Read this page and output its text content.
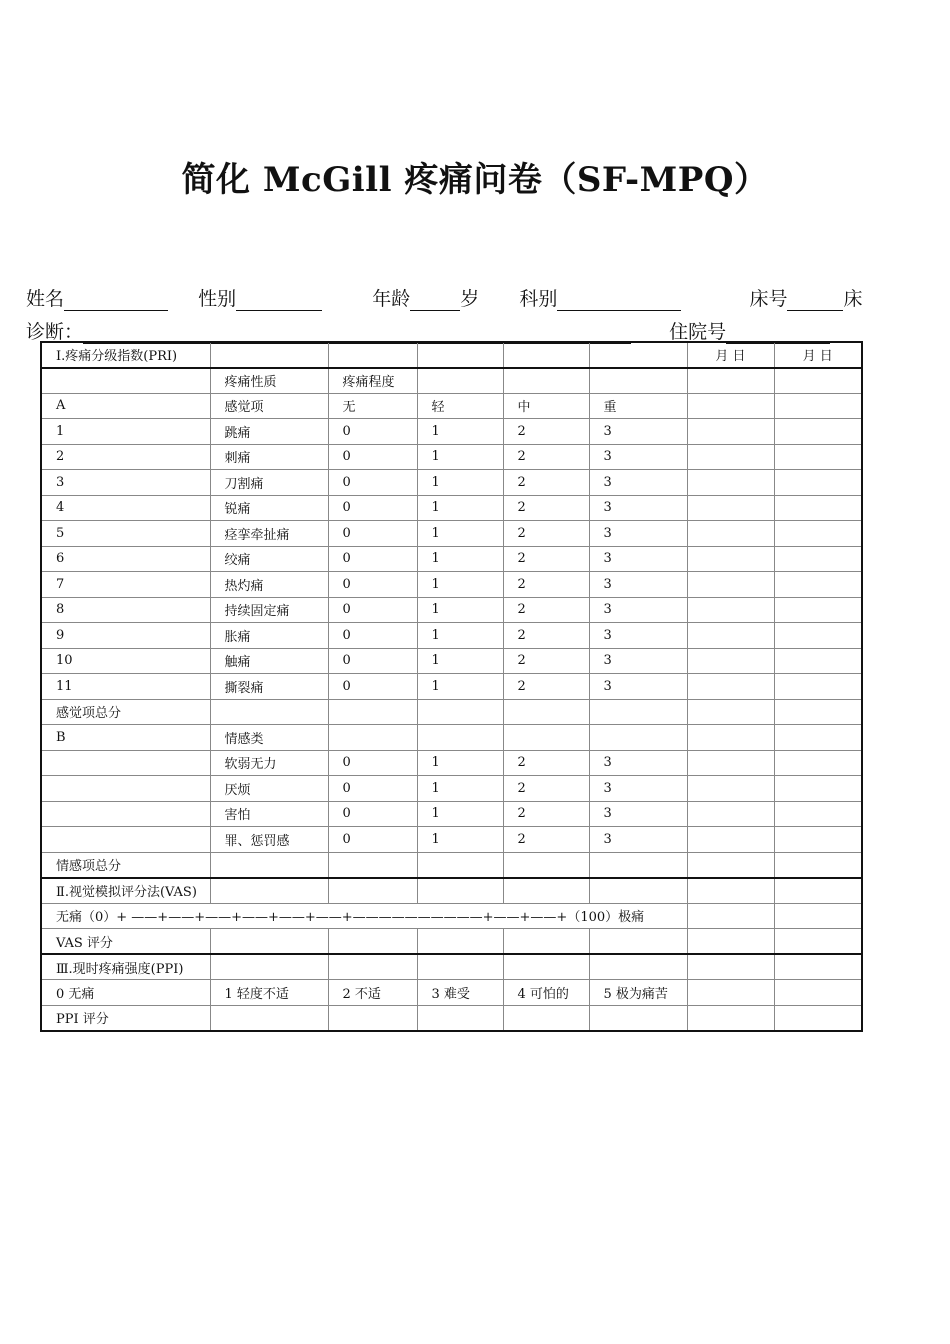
简化 McGill 疼痛问卷（SF-MPQ）
姓名	性别	年龄	岁 科别	床号	床
诊断：	住院号
Ⅰ.疼痛分级指数(PRI)						月 日	月 日
	疼痛性质	疼痛程度					
A	感觉项	无	轻	中	重		
1	跳痛	0	1	2	3		
2	刺痛	0	1	2	3		
3	刀割痛	0	1	2	3		
4	锐痛	0	1	2	3		
5	痉挛牵扯痛	0	1	2	3		
6	绞痛	0	1	2	3		
7	热灼痛	0	1	2	3		
8	持续固定痛	0	1	2	3		
9	胀痛	0	1	2	3		
10	触痛	0	1	2	3		
11	撕裂痛	0	1	2	3		
感觉项总分							
B	情感类						
	软弱无力	0	1	2	3		
	厌烦	0	1	2	3		
	害怕	0	1	2	3		
	罪、惩罚感	0	1	2	3		
情感项总分							
Ⅱ.视觉模拟评分法(VAS)							
无痛（0）+ ——+——+——+——+——+——+——————————+——+——+（100）极痛							
VAS 评分							
Ⅲ.现时疼痛强度(PPI)							
0 无痛	1 轻度不适	2 不适	3 难受	4 可怕的	5 极为痛苦		
PPI 评分							
